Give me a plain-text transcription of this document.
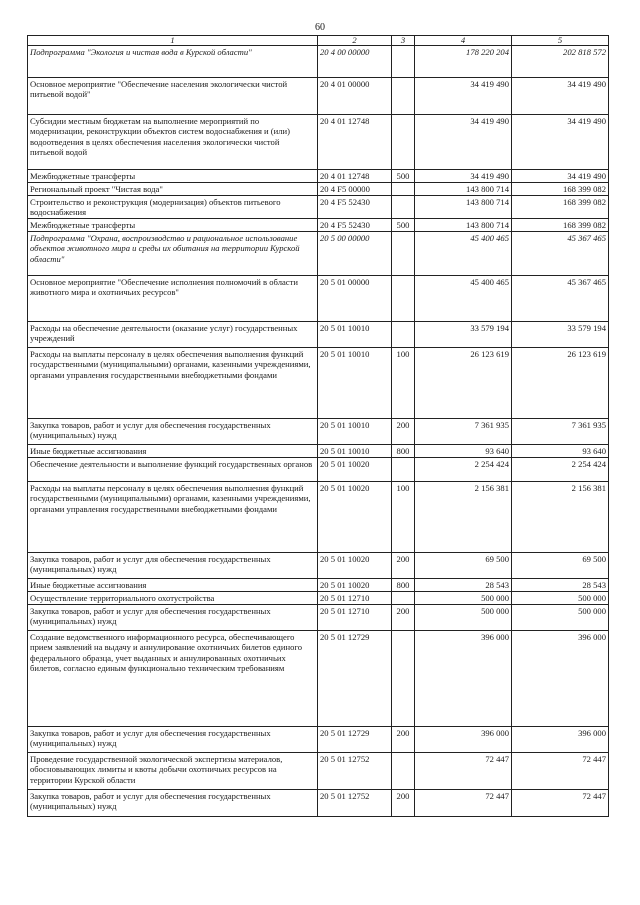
60
1	2	3	4	5
Подпрограмма "Экология и чистая вода в Курской области"	20 4 00 00000		178 220 204	202 818 572
Основное мероприятие "Обеспечение населения экологически чистой питьевой водой"	20 4 01 00000		34 419 490	34 419 490
Субсидии местным бюджетам на выполнение мероприятий по модернизации, реконструкции объектов систем водоснабжения и (или) водоотведения в целях обеспечения населения экологически чистой питьевой водой	20 4 01 12748		34 419 490	34 419 490
Межбюджетные трансферты	20 4 01 12748	500	34 419 490	34 419 490
Региональный проект "Чистая вода"	20 4 F5 00000		143 800 714	168 399 082
Строительство и реконструкция (модернизация) объектов питьевого водоснабжения	20 4 F5 52430		143 800 714	168 399 082
Межбюджетные трансферты	20 4 F5 52430	500	143 800 714	168 399 082
Подпрограмма "Охрана, воспроизводство и рациональное использование объектов животного мира и среды их обитания на территории Курской области"	20 5 00 00000		45 400 465	45 367 465
Основное мероприятие "Обеспечение исполнения полномочий в области животного мира и охотничьих ресурсов"	20 5 01 00000		45 400 465	45 367 465
Расходы на обеспечение деятельности (оказание услуг) государственных учреждений	20 5 01 10010		33 579 194	33 579 194
Расходы на выплаты персоналу в целях обеспечения выполнения функций государственными (муниципальными) органами, казенными учреждениями, органами управления государственными внебюджетными фондами	20 5 01 10010	100	26 123 619	26 123 619
Закупка товаров, работ и услуг для обеспечения государственных (муниципальных) нужд	20 5 01 10010	200	7 361 935	7 361 935
Иные бюджетные ассигнования	20 5 01 10010	800	93 640	93 640
Обеспечение деятельности и выполнение функций государственных органов	20 5 01 10020		2 254 424	2 254 424
Расходы на выплаты персоналу в целях обеспечения выполнения функций государственными (муниципальными) органами, казенными учреждениями, органами управления государственными внебюджетными фондами	20 5 01 10020	100	2 156 381	2 156 381
Закупка товаров, работ и услуг для обеспечения государственных (муниципальных) нужд	20 5 01 10020	200	69 500	69 500
Иные бюджетные ассигнования	20 5 01 10020	800	28 543	28 543
Осуществление территориального охотустройства	20 5 01 12710		500 000	500 000
Закупка товаров, работ и услуг для обеспечения государственных (муниципальных) нужд	20 5 01 12710	200	500 000	500 000
Создание ведомственного информационного ресурса, обеспечивающего прием заявлений на выдачу и аннулирование охотничьих билетов единого федерального образца, учет выданных и аннулированных охотничьих билетов, согласно единым функционально техническим требованиям	20 5 01 12729		396 000	396 000
Закупка товаров, работ и услуг для обеспечения государственных (муниципальных) нужд	20 5 01 12729	200	396 000	396 000
Проведение государственной экологической экспертизы материалов, обосновывающих лимиты и квоты добычи охотничьих ресурсов на территории Курской области	20 5 01 12752		72 447	72 447
Закупка товаров, работ и услуг для обеспечения государственных (муниципальных) нужд	20 5 01 12752	200	72 447	72 447
